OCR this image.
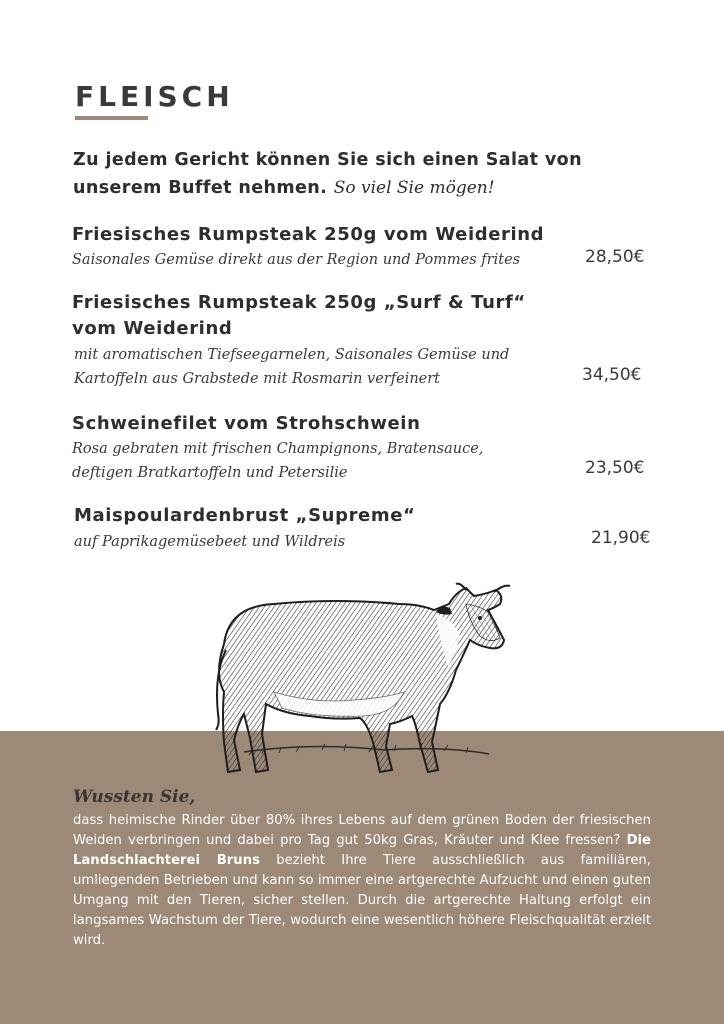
FLEISCH
Zu jedem Gericht können Sie sich einen Salat von
unserem Buffet nehmen. So viel Sie mögen!
Friesisches Rumpsteak 250g vom Weiderind
Saisonales Gemüse direkt aus der Region und Pommes frites	28,50€
Friesisches Rumpsteak 250g „Surf & Turf“
vom Weiderind
mit aromatischen Tiefseegarnelen, Saisonales Gemüse und
Kartoffeln aus Grabstede mit Rosmarin verfeinert	34,50€
Schweinefilet vom Strohschwein
Rosa gebraten mit frischen Champignons, Bratensauce,
deftigen Bratkartoffeln und Petersilie	23,50€
Maispoulardenbrust „Supreme“
auf Paprikagemüsebeet und Wildreis	21,90€
Wussten Sie,

dass heimische Rinder über 80% ihres Lebens auf dem grünen Boden der friesischen Weiden verbringen und dabei pro Tag gut 50kg Gras, Kräuter und Klee fressen? Die Landschlachterei Bruns bezieht Ihre Tiere ausschließlich aus familiären, umliegenden Betrieben und kann so immer eine artgerechte Aufzucht und einen guten Umgang mit den Tieren, sicher stellen. Durch die artgerechte Haltung erfolgt ein langsames Wachstum der Tiere, wodurch eine wesentlich höhere Fleischqualität erzielt wird.
